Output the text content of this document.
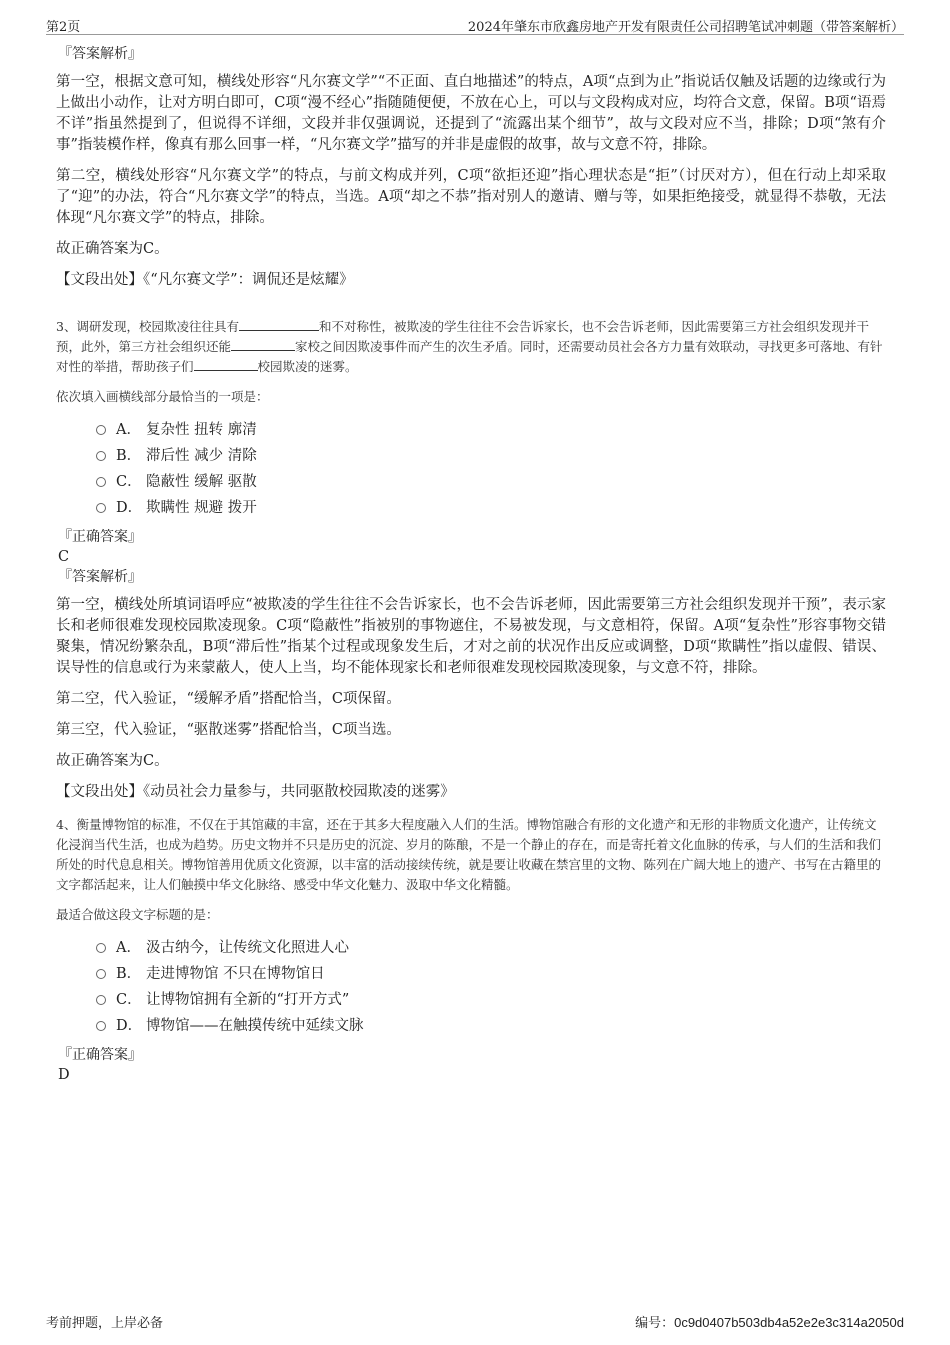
第2页	2024年肇东市欣鑫房地产开发有限责任公司招聘笔试冲刺题（带答案解析）

『答案解析』

第一空，根据文意可知，横线处形容“凡尔赛文学”“不正面、直白地描述”的特点，A项“点到为止”指说话仅触及话题的边缘或行为上做出小动作，让对方明白即可，C项“漫不经心”指随随便便，不放在心上，可以与文段构成对应，均符合文意，保留。B项“语焉不详”指虽然提到了，但说得不详细，文段并非仅强调说，还提到了“流露出某个细节”，故与文段对应不当，排除；D项“煞有介事”指装模作样，像真有那么回事一样，“凡尔赛文学”描写的并非是虚假的故事，故与文意不符，排除。

第二空，横线处形容“凡尔赛文学”的特点，与前文构成并列，C项“欲拒还迎”指心理状态是“拒”（讨厌对方），但在行动上却采取了“迎”的办法，符合“凡尔赛文学”的特点，当选。A项“却之不恭”指对别人的邀请、赠与等，如果拒绝接受，就显得不恭敬，无法体现“凡尔赛文学”的特点，排除。

故正确答案为C。

【文段出处】《“凡尔赛文学”：调侃还是炫耀》

3、调研发现，校园欺凌往往具有	和不对称性，被欺凌的学生往往不会告诉家长，也不会告诉老师，因此需要第三方社会组织发现并干预，此外，第三方社会组织还能	家校之间因欺凌事件而产生的次生矛盾。同时，还需要动员社会各方力量有效联动，寻找更多可落地、有针对性的举措，帮助孩子们	校园欺凌的迷雾。

依次填入画横线部分最恰当的一项是：

A． 复杂性 扭转 廓清
B． 滞后性 减少 清除
C． 隐蔽性 缓解 驱散
D． 欺瞒性 规避 拨开

『正确答案』

C

『答案解析』

第一空，横线处所填词语呼应“被欺凌的学生往往不会告诉家长，也不会告诉老师，因此需要第三方社会组织发现并干预”，表示家长和老师很难发现校园欺凌现象。C项“隐蔽性”指被别的事物遮住，不易被发现，与文意相符，保留。A项“复杂性”形容事物交错聚集，情况纷繁杂乱，B项“滞后性”指某个过程或现象发生后，才对之前的状况作出反应或调整，D项“欺瞒性”指以虚假、错误、误导性的信息或行为来蒙蔽人，使人上当，均不能体现家长和老师很难发现校园欺凌现象，与文意不符，排除。

第二空，代入验证，“缓解矛盾”搭配恰当，C项保留。

第三空，代入验证，“驱散迷雾”搭配恰当，C项当选。

故正确答案为C。

【文段出处】《动员社会力量参与，共同驱散校园欺凌的迷雾》

4、衡量博物馆的标准，不仅在于其馆藏的丰富，还在于其多大程度融入人们的生活。博物馆融合有形的文化遗产和无形的非物质文化遗产，让传统文化浸润当代生活，也成为趋势。历史文物并不只是历史的沉淀、岁月的陈酿，不是一个静止的存在，而是寄托着文化血脉的传承，与人们的生活和我们所处的时代息息相关。博物馆善用优质文化资源，以丰富的活动接续传统，就是要让收藏在禁宫里的文物、陈列在广阔大地上的遗产、书写在古籍里的文字都活起来，让人们触摸中华文化脉络、感受中华文化魅力、汲取中华文化精髓。

最适合做这段文字标题的是：

A． 汲古纳今，让传统文化照进人心
B． 走进博物馆 不只在博物馆日
C． 让博物馆拥有全新的“打开方式”
D． 博物馆——在触摸传统中延续文脉

『正确答案』

D

考前押题，上岸必备	编号：0c9d0407b503db4a52e2e3c314a2050d
